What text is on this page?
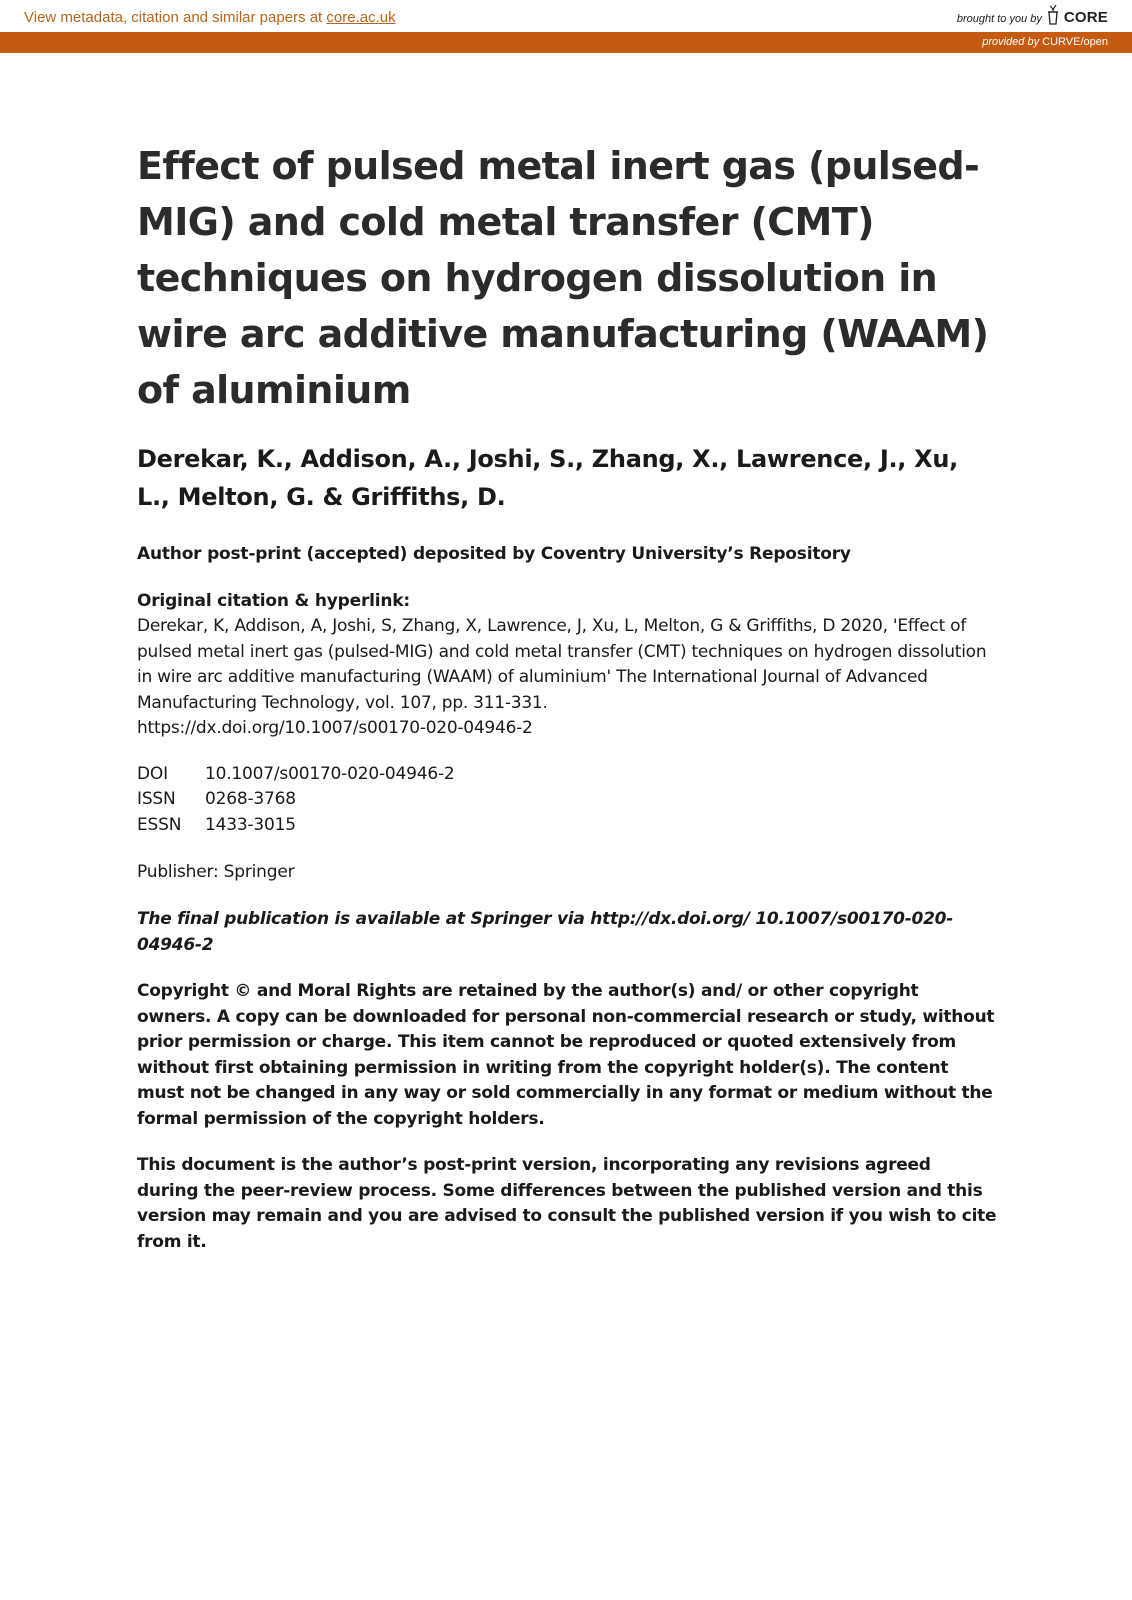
View metadata, citation and similar papers at core.ac.uk	brought to you by CORE
provided by CURVE/open
Effect of pulsed metal inert gas (pulsed-MIG) and cold metal transfer (CMT) techniques on hydrogen dissolution in wire arc additive manufacturing (WAAM) of aluminium

Derekar, K., Addison, A., Joshi, S., Zhang, X., Lawrence, J., Xu, L., Melton, G. & Griffiths, D.

Author post-print (accepted) deposited by Coventry University’s Repository

Original citation & hyperlink:

Derekar, K, Addison, A, Joshi, S, Zhang, X, Lawrence, J, Xu, L, Melton, G & Griffiths, D 2020, 'Effect of pulsed metal inert gas (pulsed-MIG) and cold metal transfer (CMT) techniques on hydrogen dissolution in wire arc additive manufacturing (WAAM) of aluminium' The International Journal of Advanced Manufacturing Technology, vol. 107, pp. 311-331.

https://dx.doi.org/10.1007/s00170-020-04946-2

DOI	10.1007/s00170-020-04946-2
ISSN	0268-3768
ESSN	1433-3015

Publisher: Springer

The final publication is available at Springer via http://dx.doi.org/ 10.1007/s00170-020-04946-2

Copyright © and Moral Rights are retained by the author(s) and/ or other copyright owners. A copy can be downloaded for personal non-commercial research or study, without prior permission or charge. This item cannot be reproduced or quoted extensively from without first obtaining permission in writing from the copyright holder(s). The content must not be changed in any way or sold commercially in any format or medium without the formal permission of the copyright holders.

This document is the author’s post-print version, incorporating any revisions agreed during the peer-review process. Some differences between the published version and this version may remain and you are advised to consult the published version if you wish to cite from it.
